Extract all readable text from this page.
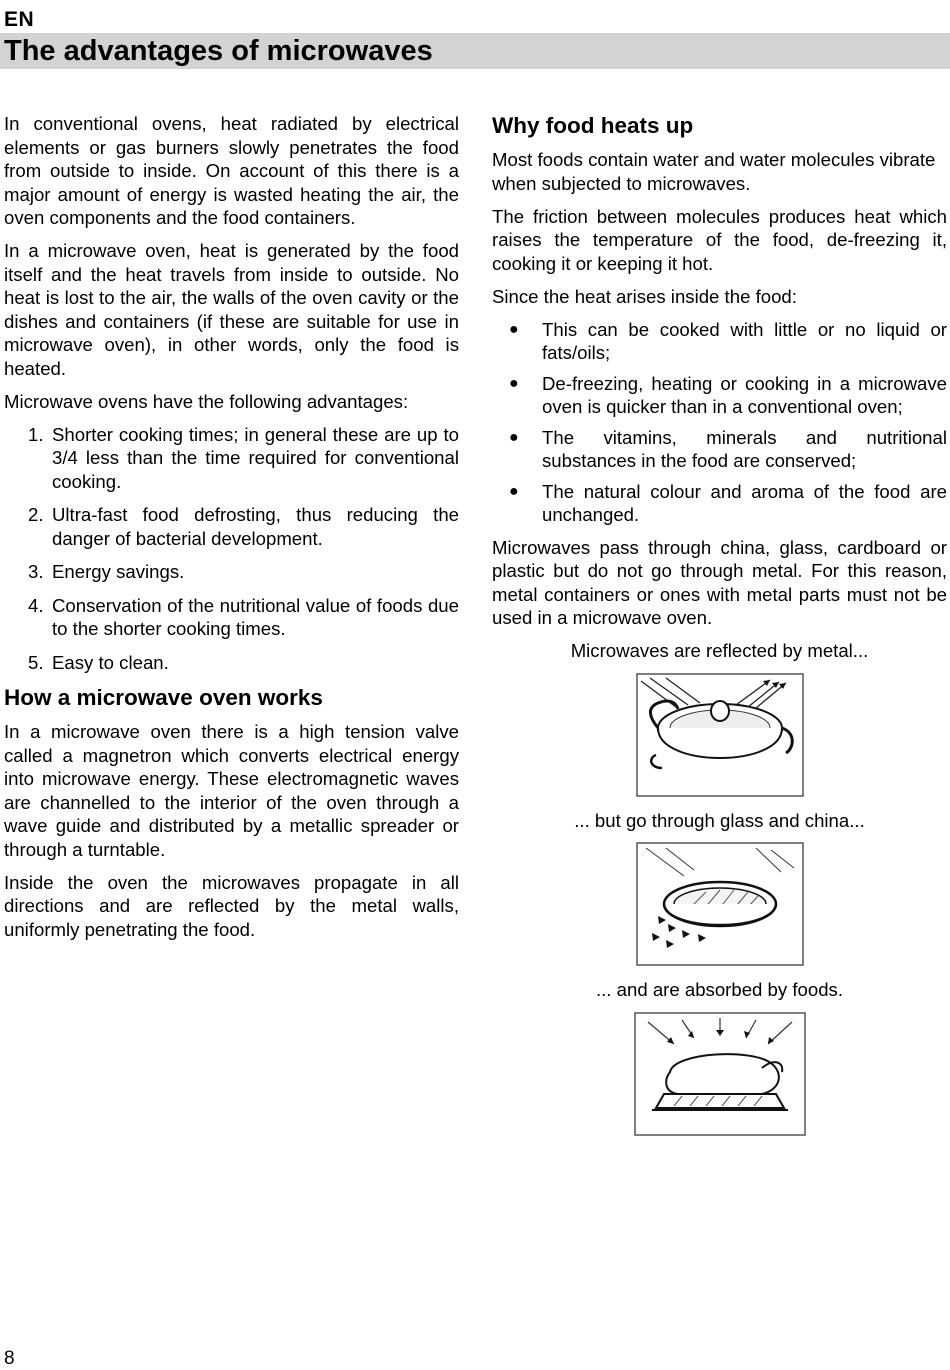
EN
The advantages of microwaves

In conventional ovens, heat radiated by electrical elements or gas burners slowly penetrates the food from outside to inside. On account of this there is a major amount of energy is wasted heating the air, the oven components and the food containers.

In a microwave oven, heat is generated by the food itself and the heat travels from inside to outside. No heat is lost to the air, the walls of the oven cavity or the dishes and containers (if these are suitable for use in microwave oven), in other words, only the food is heated.

Microwave ovens have the following advantages:

1. Shorter cooking times; in general these are up to 3/4 less than the time required for conventional cooking.
2. Ultra-fast food defrosting, thus reducing the danger of bacterial development.
3. Energy savings.
4. Conservation of the nutritional value of foods due to the shorter cooking times.
5. Easy to clean.
How a microwave oven works

In a microwave oven there is a high tension valve called a magnetron which converts electrical energy into microwave energy. These electromagnetic waves are channelled to the interior of the oven through a wave guide and distributed by a metallic spreader or through a turntable.

Inside the oven the microwaves propagate in all directions and are reflected by the metal walls, uniformly penetrating the food.

Why food heats up

Most foods contain water and water molecules vibrate when subjected to microwaves.

The friction between molecules produces heat which raises the temperature of the food, de-freezing it, cooking it or keeping it hot.

Since the heat arises inside the food:

● This can be cooked with little or no liquid or fats/oils;
● De-freezing, heating or cooking in a microwave oven is quicker than in a conventional oven;
● The vitamins, minerals and nutritional substances in the food are conserved;
● The natural colour and aroma of the food are unchanged.

Microwaves pass through china, glass, cardboard or plastic but do not go through metal. For this reason, metal containers or ones with metal parts must not be used in a microwave oven.

Microwaves are reflected by metal...

... but go through glass and china...

... and are absorbed by foods.

8
